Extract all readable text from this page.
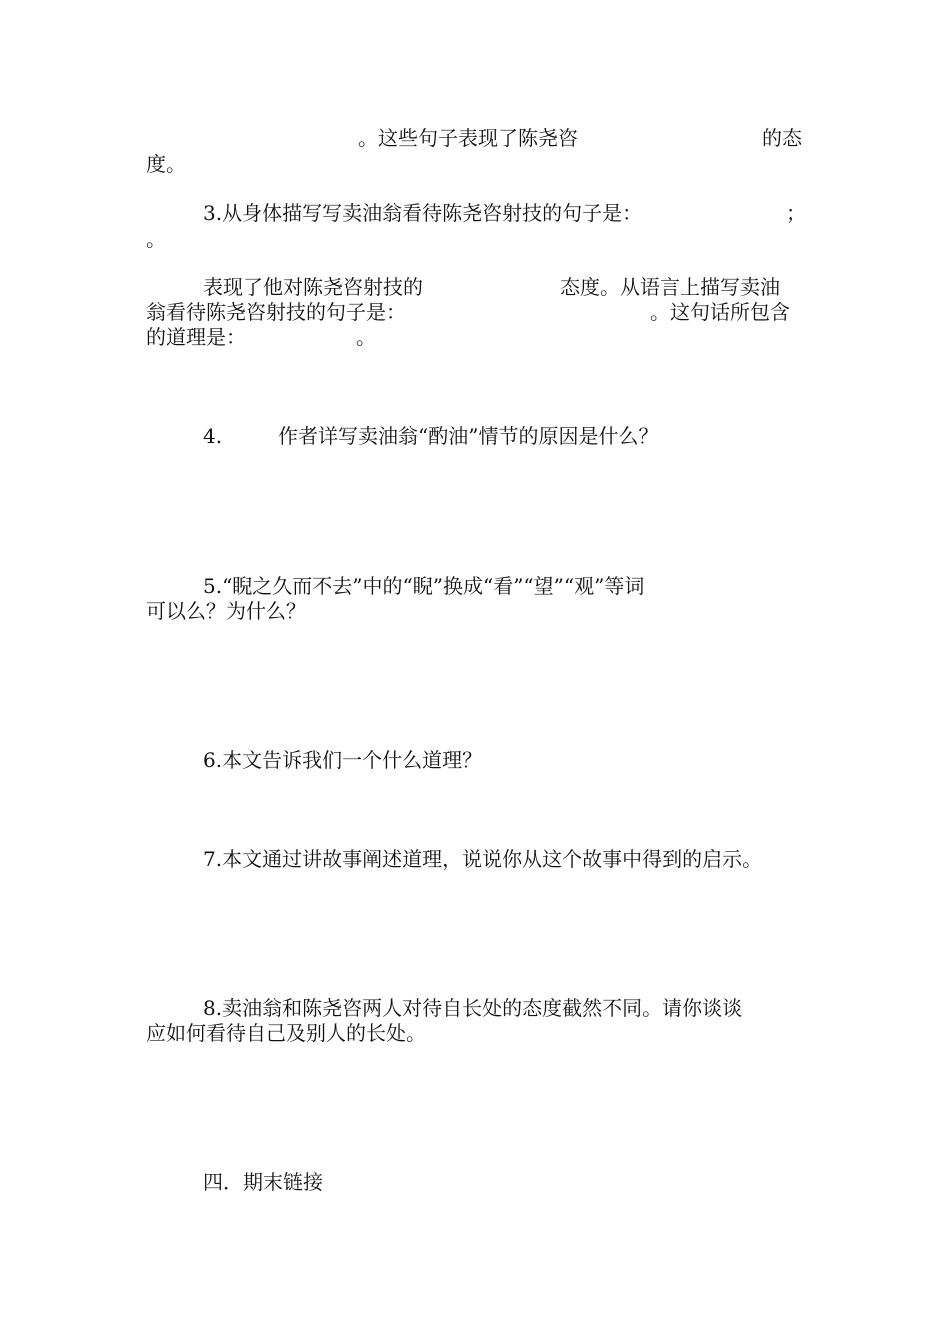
。这些句子表现了陈尧咨	的态
度。
3.从身体描写写卖油翁看待陈尧咨射技的句子是：	；
。
表现了他对陈尧咨射技的	态度。从语言上描写卖油
翁看待陈尧咨射技的句子是：	。这句话所包含
的道理是：	。
4.	作者详写卖油翁“酌油”情节的原因是什么？
5.“睨之久而不去”中的“睨”换成“看”“望”“观”等词
可以么？为什么？
6.本文告诉我们一个什么道理？
7.本文通过讲故事阐述道理，说说你从这个故事中得到的启示。
8.卖油翁和陈尧咨两人对待自长处的态度截然不同。请你谈谈
应如何看待自己及别人的长处。
四．期末链接
